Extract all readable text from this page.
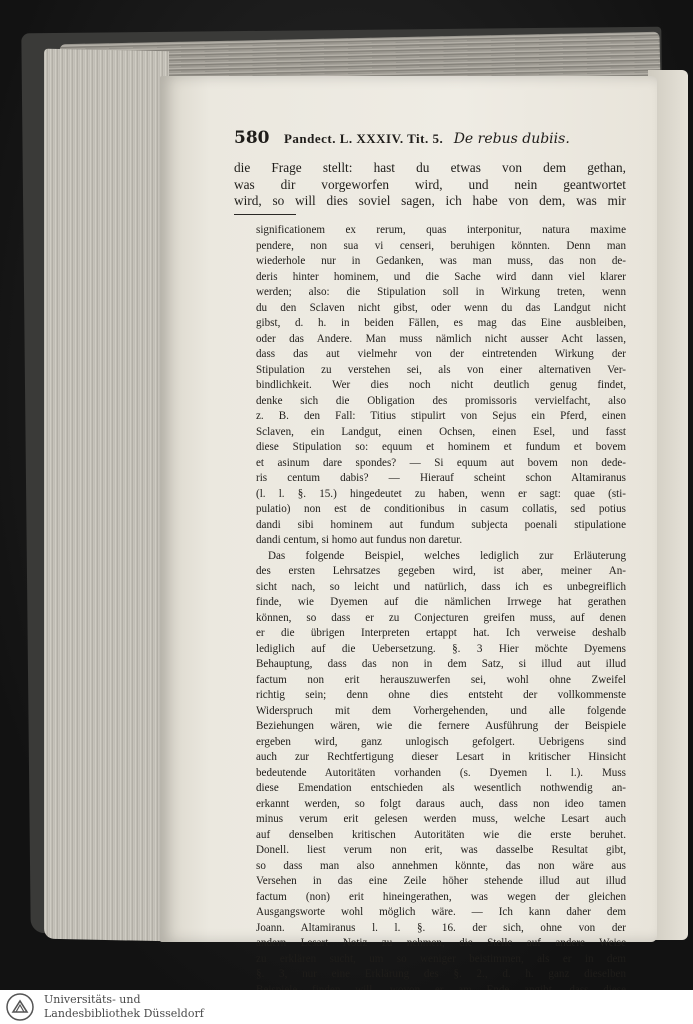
580 Pandect. L. XXXIV. Tit. 5. De rebus dubiis.
die Frage stellt: hast du etwas von dem gethan,
was dir vorgeworfen wird, und nein geantwortet
wird, so will dies soviel sagen, ich habe von dem, was mir
significationem ex rerum, quas interponitur, natura maxime
pendere, non sua vi censeri, beruhigen könnten. Denn man
wiederhole nur in Gedanken, was man muss, das non de-
deris hinter hominem, und die Sache wird dann viel klarer
werden; also: die Stipulation soll in Wirkung treten, wenn
du den Sclaven nicht gibst, oder wenn du das Landgut nicht
gibst, d. h. in beiden Fällen, es mag das Eine ausbleiben,
oder das Andere. Man muss nämlich nicht ausser Acht lassen,
dass das aut vielmehr von der eintretenden Wirkung der
Stipulation zu verstehen sei, als von einer alternativen Ver-
bindlichkeit. Wer dies noch nicht deutlich genug findet,
denke sich die Obligation des promissoris vervielfacht, also
z. B. den Fall: Titius stipulirt von Sejus ein Pferd, einen
Sclaven, ein Landgut, einen Ochsen, einen Esel, und fasst
diese Stipulation so: equum et hominem et fundum et bovem
et asinum dare spondes? — Si equum aut bovem non dede-
ris centum dabis? — Hierauf scheint schon Altamiranus
(l. l. §. 15.) hingedeutet zu haben, wenn er sagt: quae (sti-
pulatio) non est de conditionibus in casum collatis, sed potius
dandi sibi hominem aut fundum subjecta poenali stipulatione
dandi centum, si homo aut fundus non daretur.
Das folgende Beispiel, welches lediglich zur Erläuterung
des ersten Lehrsatzes gegeben wird, ist aber, meiner An-
sicht nach, so leicht und natürlich, dass ich es unbegreiflich
finde, wie Dyemen auf die nämlichen Irrwege hat gerathen
können, so dass er zu Conjecturen greifen muss, auf denen
er die übrigen Interpreten ertappt hat. Ich verweise deshalb
lediglich auf die Uebersetzung. §. 3 Hier möchte Dyemens
Behauptung, dass das non in dem Satz, si illud aut illud
factum non erit herauszuwerfen sei, wohl ohne Zweifel
richtig sein; denn ohne dies entsteht der vollkommenste
Widerspruch mit dem Vorhergehenden, und alle folgende
Beziehungen wären, wie die fernere Ausführung der Beispiele
ergeben wird, ganz unlogisch gefolgert. Uebrigens sind
auch zur Rechtfertigung dieser Lesart in kritischer Hinsicht
bedeutende Autoritäten vorhanden (s. Dyemen l. l.). Muss
diese Emendation entschieden als wesentlich nothwendig an-
erkannt werden, so folgt daraus auch, dass non ideo tamen
minus verum erit gelesen werden muss, welche Lesart auch
auf denselben kritischen Autoritäten wie die erste beruhet.
Donell. liest verum non erit, was dasselbe Resultat gibt,
so dass man also annehmen könnte, das non wäre aus
Versehen in das eine Zeile höher stehende illud aut illud
factum (non) erit hineingerathen, was wegen der gleichen
Ausgangsworte wohl möglich wäre. — Ich kann daher dem
Joann. Altamiranus l. l. §. 16. der sich, ohne von der
andern Lesart Notiz zu nehmen, die Stelle auf andere Weise
zu erklären sucht, um so weniger beistimmen, als er in dem
§. 3, nur eine Erklärung des §. 2., d. h. ganz dieselben
Universitäts- und
Landesbibliothek Düsseldorf
